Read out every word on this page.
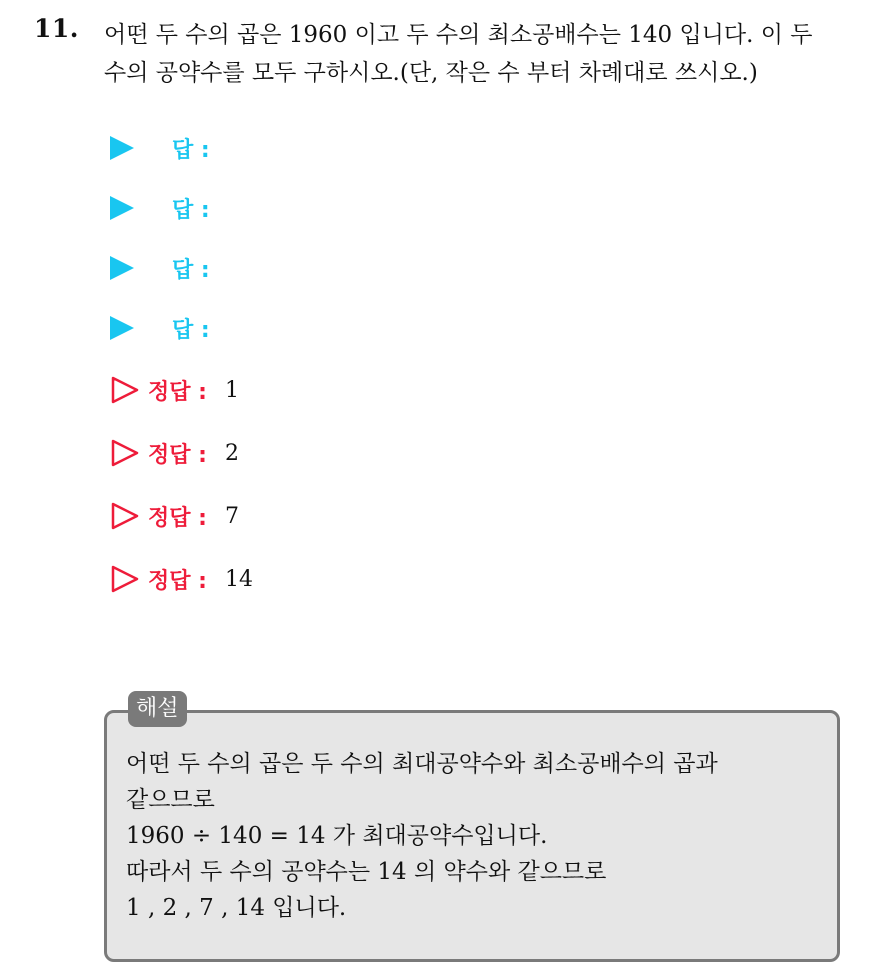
11. 어떤 두 수의 곱은 1960 이고 두 수의 최소공배수는 140 입니다. 이 두
수의 공약수를 모두 구하시오.(단, 작은 수 부터 차례대로 쓰시오.)
답 :
답 :
답 :
답 :
정답 : 1
정답 : 2
정답 : 7
정답 : 14
해설
어떤 두 수의 곱은 두 수의 최대공약수와 최소공배수의 곱과
같으므로
1960 ÷ 140 = 14 가 최대공약수입니다.
따라서 두 수의 공약수는 14 의 약수와 같으므로
1 , 2 , 7 , 14 입니다.
